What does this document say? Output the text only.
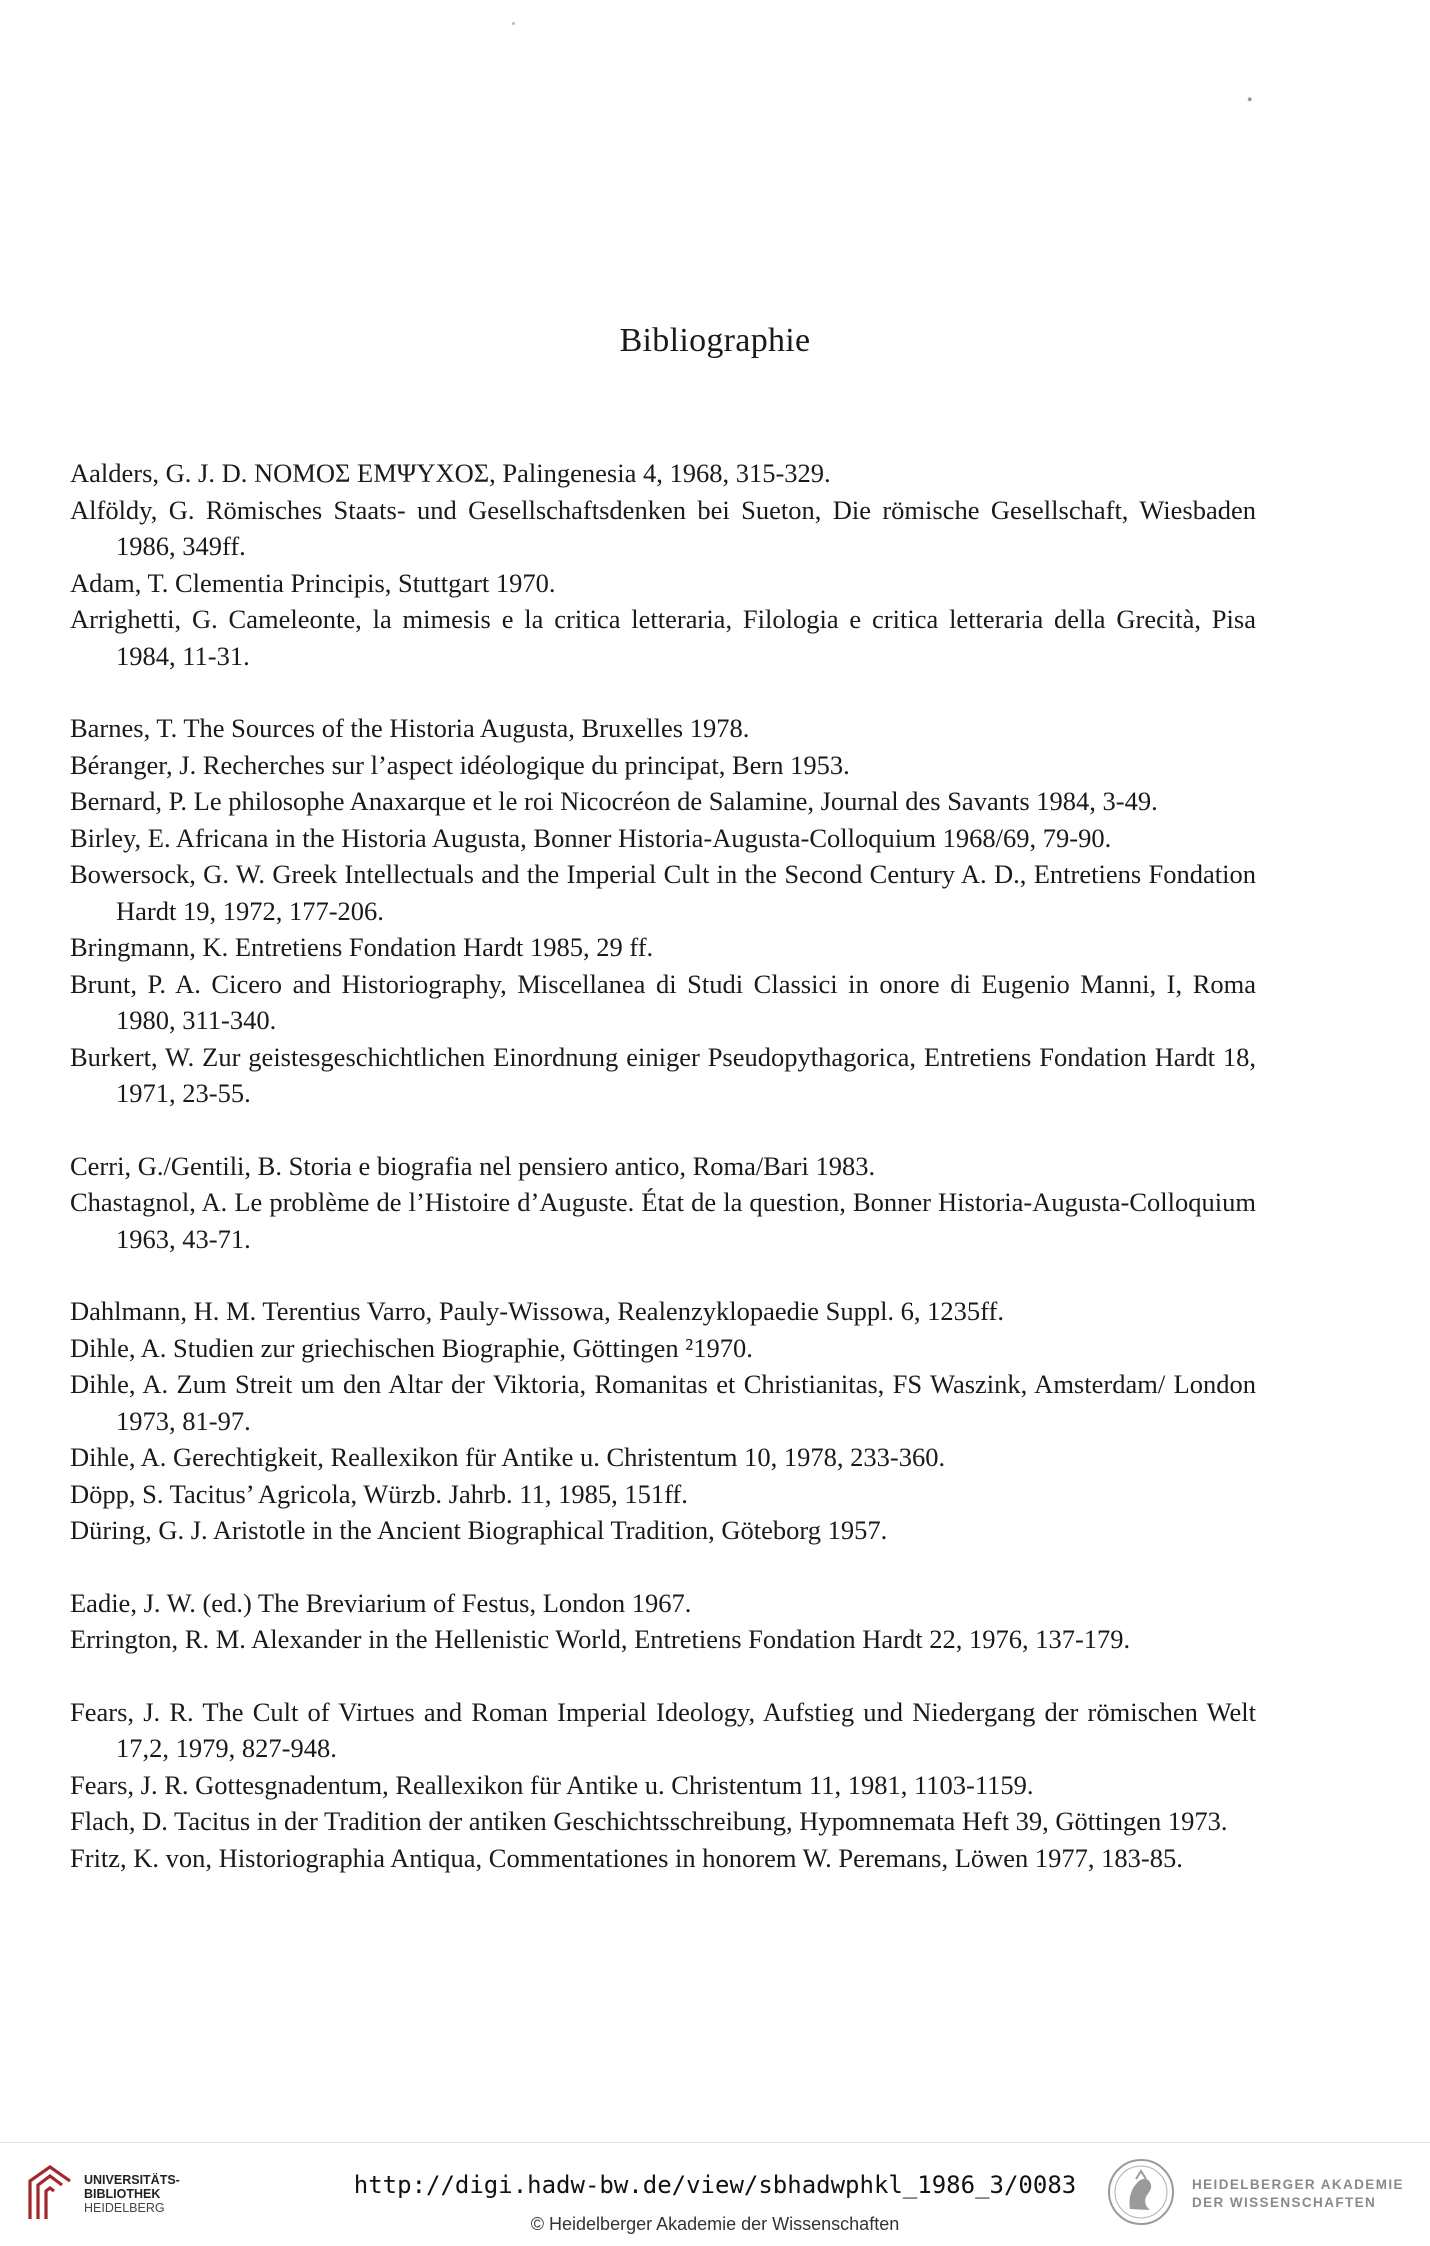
.
Bibliographie
Aalders, G. J. D. ΝΟΜΟΣ ΕΜΨΥΧΟΣ, Palingenesia 4, 1968, 315-329.
Alföldy, G. Römisches Staats- und Gesellschaftsdenken bei Sueton, Die römische Gesellschaft, Wiesbaden 1986, 349ff.
Adam, T. Clementia Principis, Stuttgart 1970.
Arrighetti, G. Cameleonte, la mimesis e la critica letteraria, Filologia e critica letteraria della Grecità, Pisa 1984, 11-31.
Barnes, T. The Sources of the Historia Augusta, Bruxelles 1978.
Béranger, J. Recherches sur l’aspect idéologique du principat, Bern 1953.
Bernard, P. Le philosophe Anaxarque et le roi Nicocréon de Salamine, Journal des Savants 1984, 3-49.
Birley, E. Africana in the Historia Augusta, Bonner Historia-Augusta-Colloquium 1968/69, 79-90.
Bowersock, G. W. Greek Intellectuals and the Imperial Cult in the Second Century A. D., Entretiens Fondation Hardt 19, 1972, 177-206.
Bringmann, K. Entretiens Fondation Hardt 1985, 29 ff.
Brunt, P. A. Cicero and Historiography, Miscellanea di Studi Classici in onore di Eugenio Manni, I, Roma 1980, 311-340.
Burkert, W. Zur geistesgeschichtlichen Einordnung einiger Pseudopythagorica, Entretiens Fondation Hardt 18, 1971, 23-55.
Cerri, G./Gentili, B. Storia e biografia nel pensiero antico, Roma/Bari 1983.
Chastagnol, A. Le problème de l’Histoire d’Auguste. État de la question, Bonner Historia-Augusta-Colloquium 1963, 43-71.
Dahlmann, H. M. Terentius Varro, Pauly-Wissowa, Realenzyklopaedie Suppl. 6, 1235ff.
Dihle, A. Studien zur griechischen Biographie, Göttingen ²1970.
Dihle, A. Zum Streit um den Altar der Viktoria, Romanitas et Christianitas, FS Waszink, Amsterdam/ London 1973, 81-97.
Dihle, A. Gerechtigkeit, Reallexikon für Antike u. Christentum 10, 1978, 233-360.
Döpp, S. Tacitus’ Agricola, Würzb. Jahrb. 11, 1985, 151ff.
Düring, G. J. Aristotle in the Ancient Biographical Tradition, Göteborg 1957.
Eadie, J. W. (ed.) The Breviarium of Festus, London 1967.
Errington, R. M. Alexander in the Hellenistic World, Entretiens Fondation Hardt 22, 1976, 137-179.
Fears, J. R. The Cult of Virtues and Roman Imperial Ideology, Aufstieg und Niedergang der römischen Welt 17,2, 1979, 827-948.
Fears, J. R. Gottesgnadentum, Reallexikon für Antike u. Christentum 11, 1981, 1103-1159.
Flach, D. Tacitus in der Tradition der antiken Geschichtsschreibung, Hypomnemata Heft 39, Göttingen 1973.
Fritz, K. von, Historiographia Antiqua, Commentationes in honorem W. Peremans, Löwen 1977, 183-85.
UNIVERSITÄTS-
BIBLIOTHEK
HEIDELBERG
http://digi.hadw-bw.de/view/sbhadwphkl_1986_3/0083
© Heidelberger Akademie der Wissenschaften
HEIDELBERGER AKADEMIE
DER WISSENSCHAFTEN
